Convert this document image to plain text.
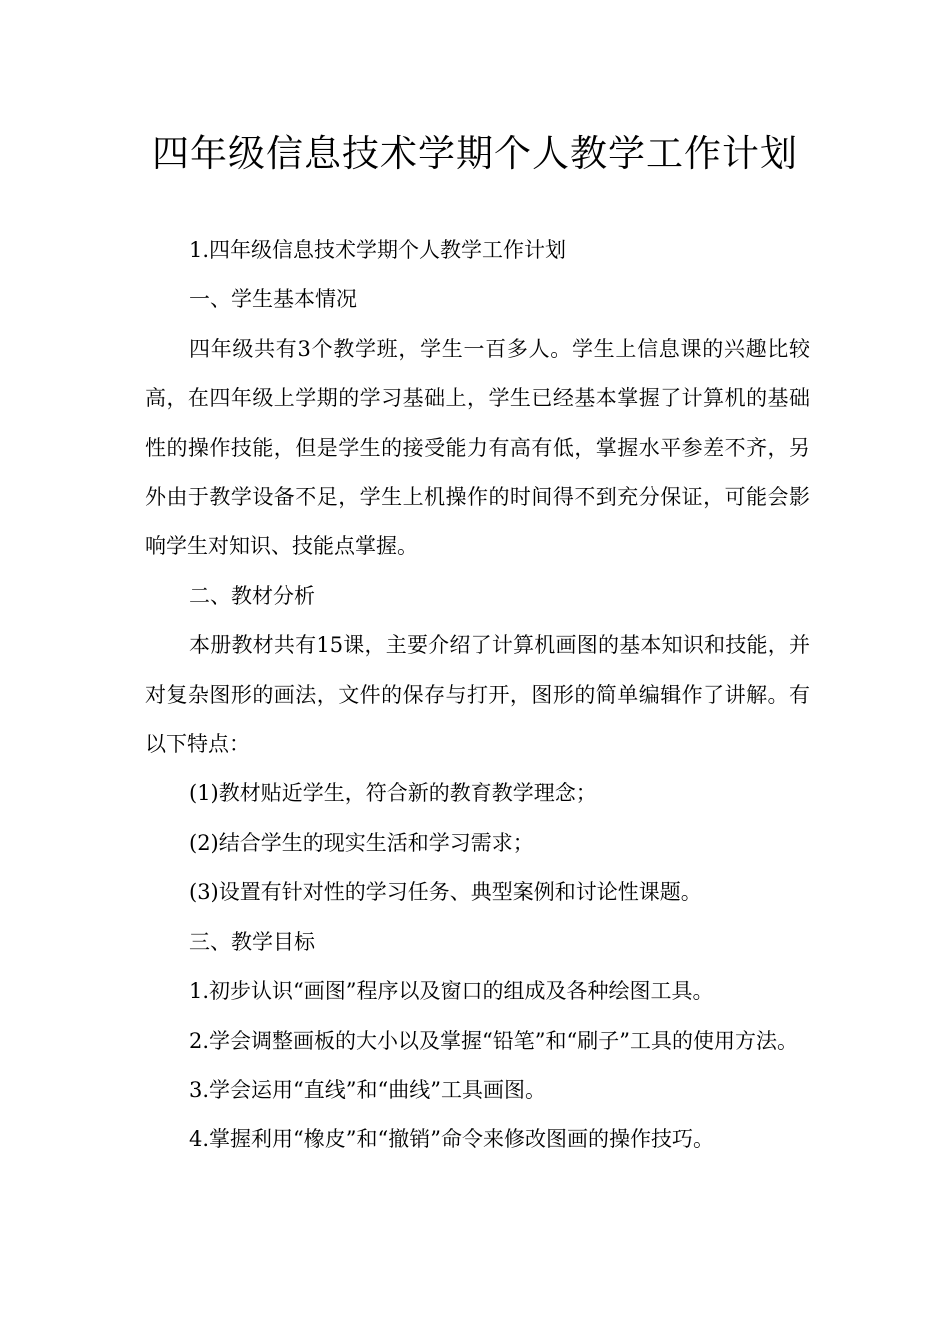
四年级信息技术学期个人教学工作计划

1.四年级信息技术学期个人教学工作计划

一、学生基本情况

四年级共有3个教学班，学生一百多人。学生上信息课的兴趣比较高，在四年级上学期的学习基础上，学生已经基本掌握了计算机的基础性的操作技能，但是学生的接受能力有高有低，掌握水平参差不齐，另外由于教学设备不足，学生上机操作的时间得不到充分保证，可能会影响学生对知识、技能点掌握。

二、教材分析

本册教材共有15课，主要介绍了计算机画图的基本知识和技能，并对复杂图形的画法，文件的保存与打开，图形的简单编辑作了讲解。有以下特点：

(1)教材贴近学生，符合新的教育教学理念；

(2)结合学生的现实生活和学习需求；

(3)设置有针对性的学习任务、典型案例和讨论性课题。

三、教学目标

1.初步认识“画图”程序以及窗口的组成及各种绘图工具。

2.学会调整画板的大小以及掌握“铅笔”和“刷子”工具的使用方法。

3.学会运用“直线”和“曲线”工具画图。

4.掌握利用“橡皮”和“撤销”命令来修改图画的操作技巧。
